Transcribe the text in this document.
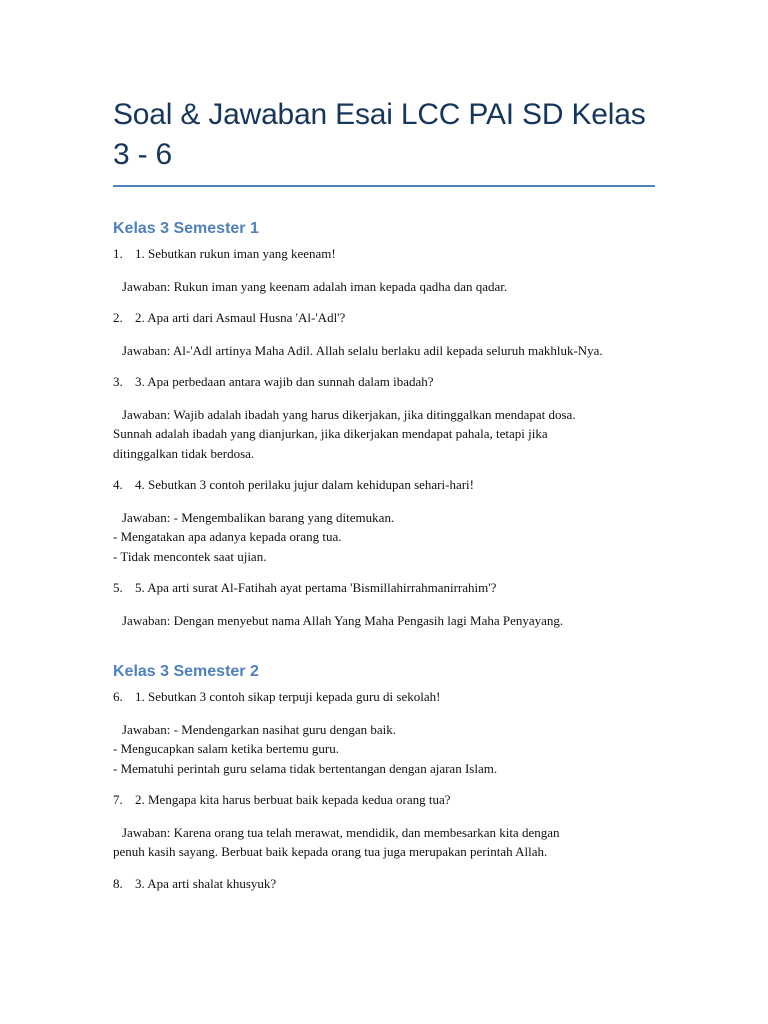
Soal & Jawaban Esai LCC PAI SD Kelas 3 - 6
Kelas 3 Semester 1
1. 1. Sebutkan rukun iman yang keenam!
Jawaban: Rukun iman yang keenam adalah iman kepada qadha dan qadar.
2. 2. Apa arti dari Asmaul Husna 'Al-'Adl'?
Jawaban: Al-'Adl artinya Maha Adil. Allah selalu berlaku adil kepada seluruh makhluk-Nya.
3. 3. Apa perbedaan antara wajib dan sunnah dalam ibadah?
Jawaban: Wajib adalah ibadah yang harus dikerjakan, jika ditinggalkan mendapat dosa.
Sunnah adalah ibadah yang dianjurkan, jika dikerjakan mendapat pahala, tetapi jika
ditinggalkan tidak berdosa.
4. 4. Sebutkan 3 contoh perilaku jujur dalam kehidupan sehari-hari!
Jawaban: - Mengembalikan barang yang ditemukan.
- Mengatakan apa adanya kepada orang tua.
- Tidak mencontek saat ujian.
5. 5. Apa arti surat Al-Fatihah ayat pertama 'Bismillahirrahmanirrahim'?
Jawaban: Dengan menyebut nama Allah Yang Maha Pengasih lagi Maha Penyayang.
Kelas 3 Semester 2
6. 1. Sebutkan 3 contoh sikap terpuji kepada guru di sekolah!
Jawaban: - Mendengarkan nasihat guru dengan baik.
- Mengucapkan salam ketika bertemu guru.
- Mematuhi perintah guru selama tidak bertentangan dengan ajaran Islam.
7. 2. Mengapa kita harus berbuat baik kepada kedua orang tua?
Jawaban: Karena orang tua telah merawat, mendidik, dan membesarkan kita dengan
penuh kasih sayang. Berbuat baik kepada orang tua juga merupakan perintah Allah.
8. 3. Apa arti shalat khusyuk?
